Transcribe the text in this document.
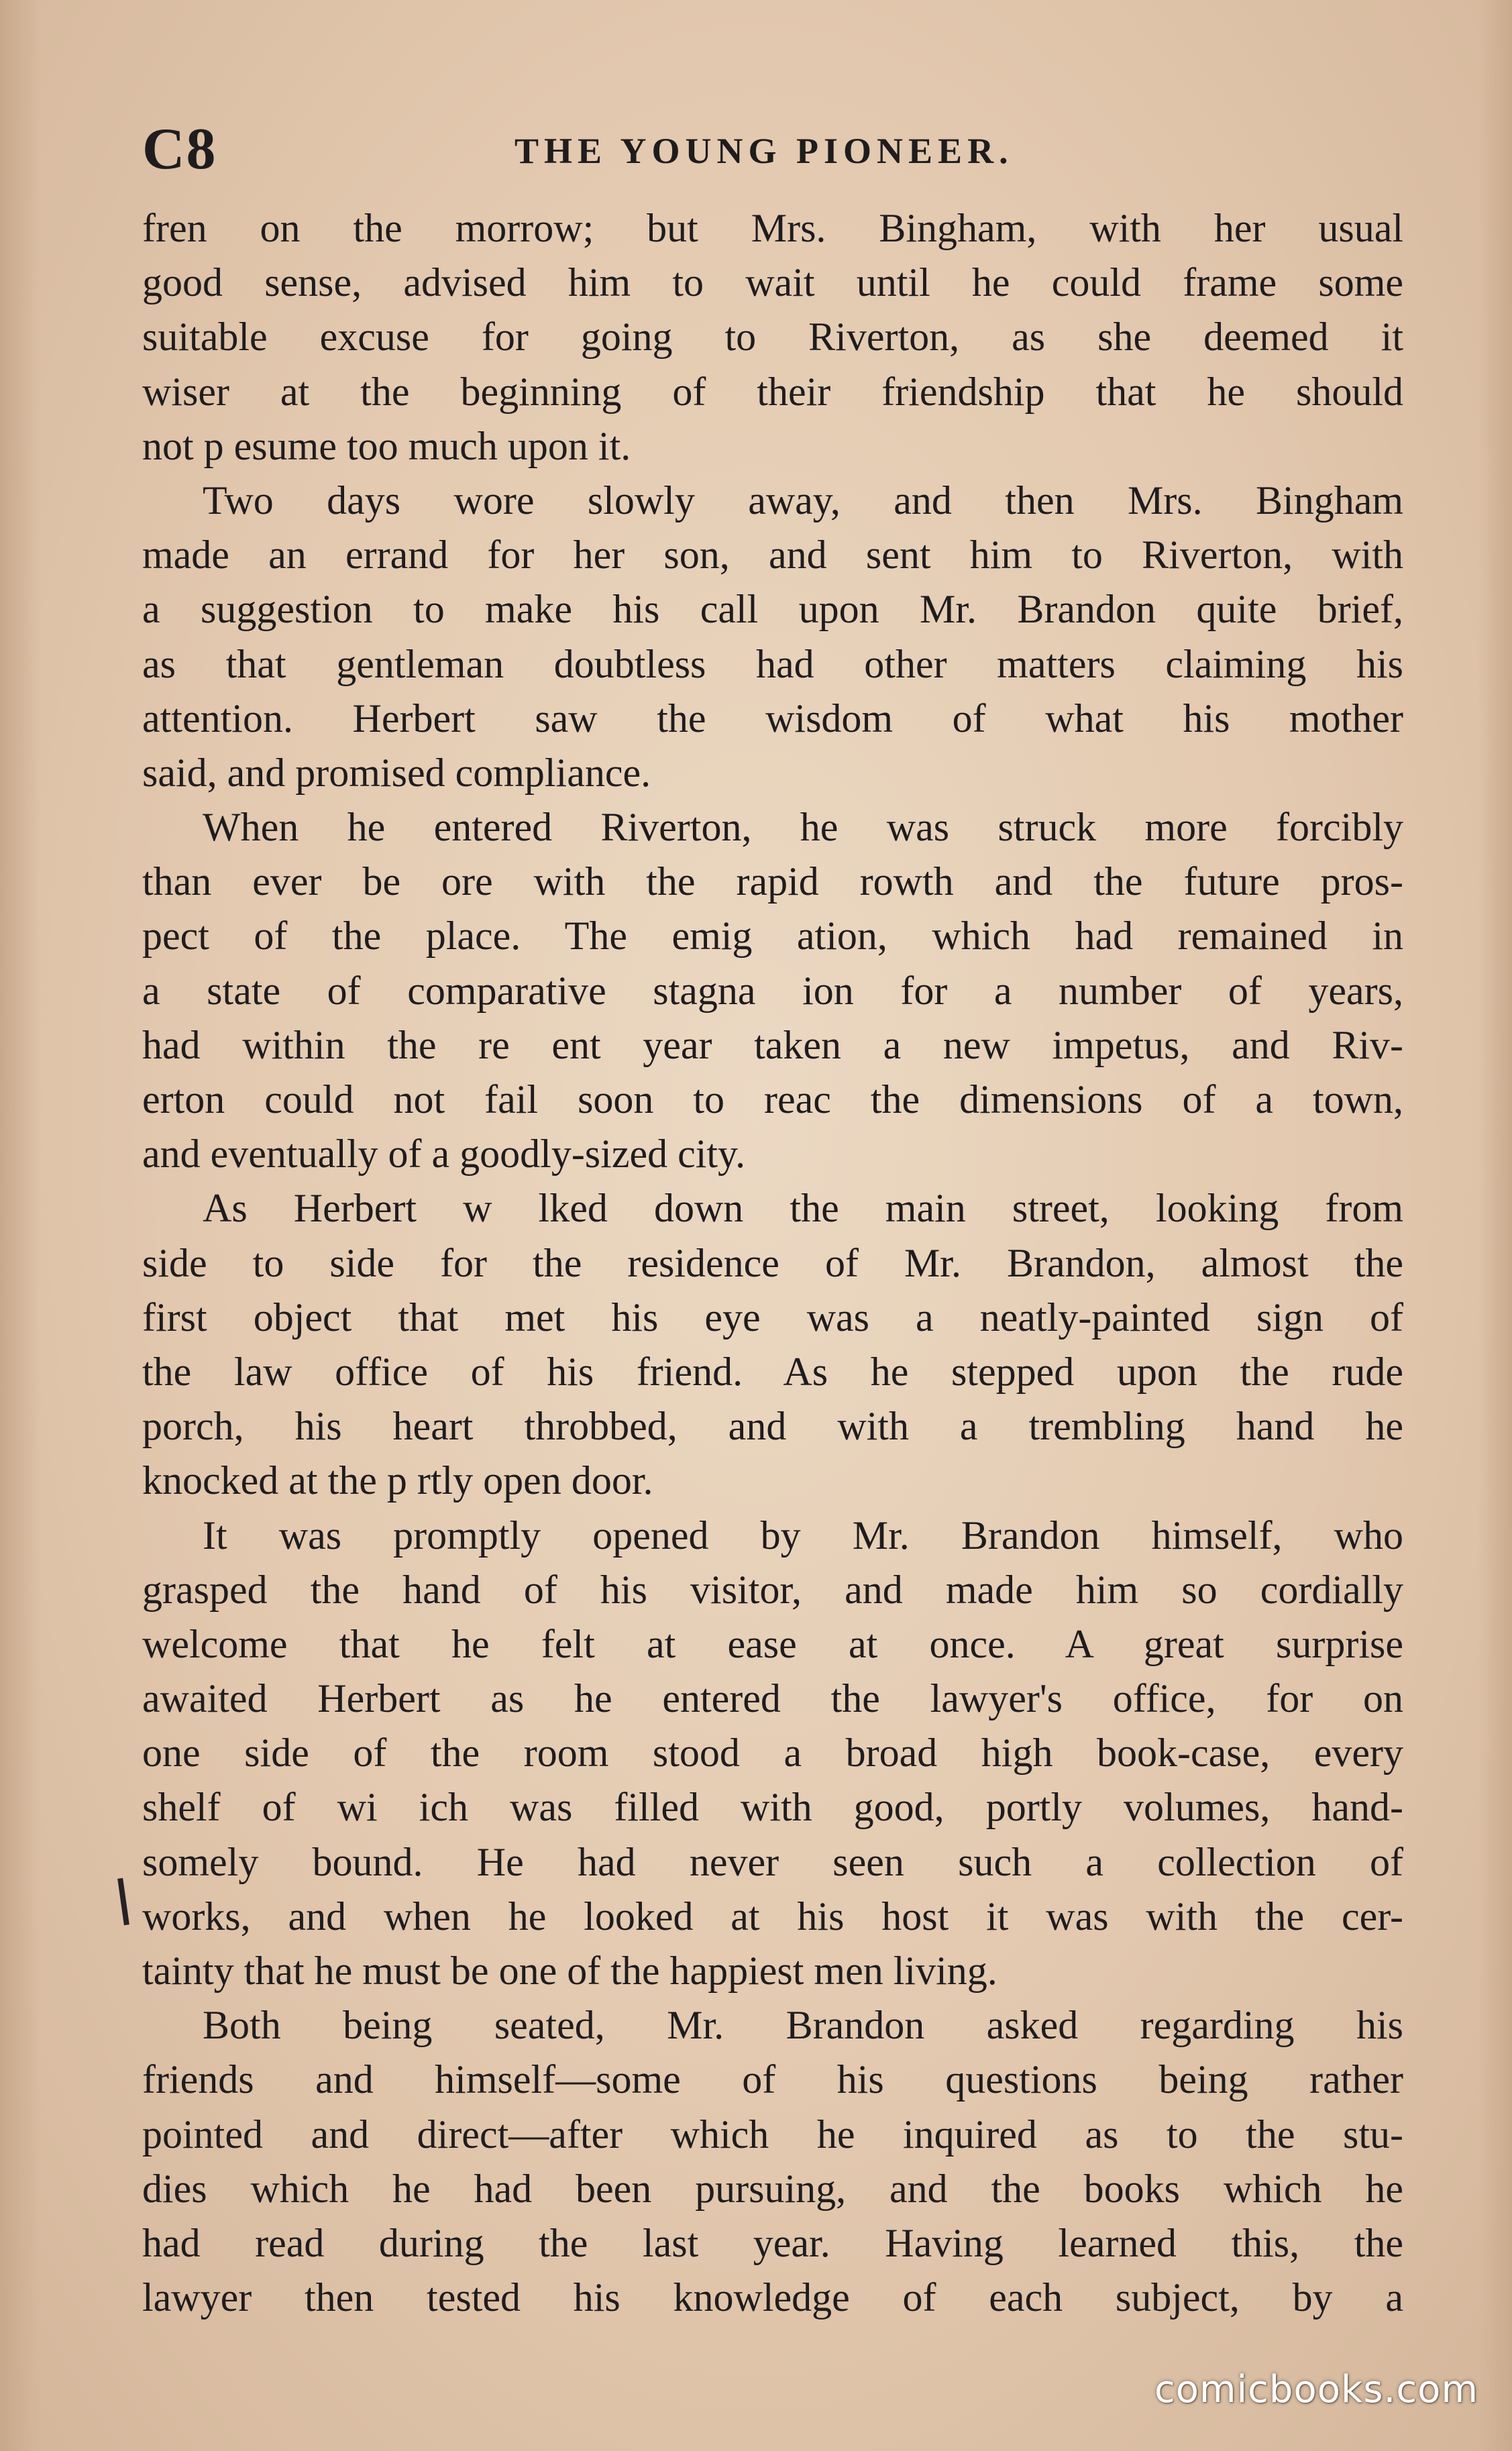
C8	THE YOUNG PIONEER.
fren on the morrow; but Mrs. Bingham, with her usual
good sense, advised him to wait until he could frame some
suitable excuse for going to Riverton, as she deemed it
wiser at the beginning of their friendship that he should
not p esume too much upon it.
Two days wore slowly away, and then Mrs. Bingham
made an errand for her son, and sent him to Riverton, with
a suggestion to make his call upon Mr. Brandon quite brief,
as that gentleman doubtless had other matters claiming his
attention. Herbert saw the wisdom of what his mother
said, and promised compliance.
When he entered Riverton, he was struck more forcibly
than ever be ore with the rapid rowth and the future pros-
pect of the place. The emig ation, which had remained in
a state of comparative stagna ion for a number of years,
had within the re ent year taken a new impetus, and Riv-
erton could not fail soon to reac the dimensions of a town,
and eventually of a goodly-sized city.
As Herbert w lked down the main street, looking from
side to side for the residence of Mr. Brandon, almost the
first object that met his eye was a neatly-painted sign of
the law office of his friend. As he stepped upon the rude
porch, his heart throbbed, and with a trembling hand he
knocked at the p rtly open door.
It was promptly opened by Mr. Brandon himself, who
grasped the hand of his visitor, and made him so cordially
welcome that he felt at ease at once. A great surprise
awaited Herbert as he entered the lawyer's office, for on
one side of the room stood a broad high book-case, every
shelf of wi ich was filled with good, portly volumes, hand-
somely bound. He had never seen such a collection of
works, and when he looked at his host it was with the cer-
tainty that he must be one of the happiest men living.
Both being seated, Mr. Brandon asked regarding his
friends and himself—some of his questions being rather
pointed and direct—after which he inquired as to the stu-
dies which he had been pursuing, and the books which he
had read during the last year. Having learned this, the
lawyer then tested his knowledge of each subject, by a
comicbooks.com
